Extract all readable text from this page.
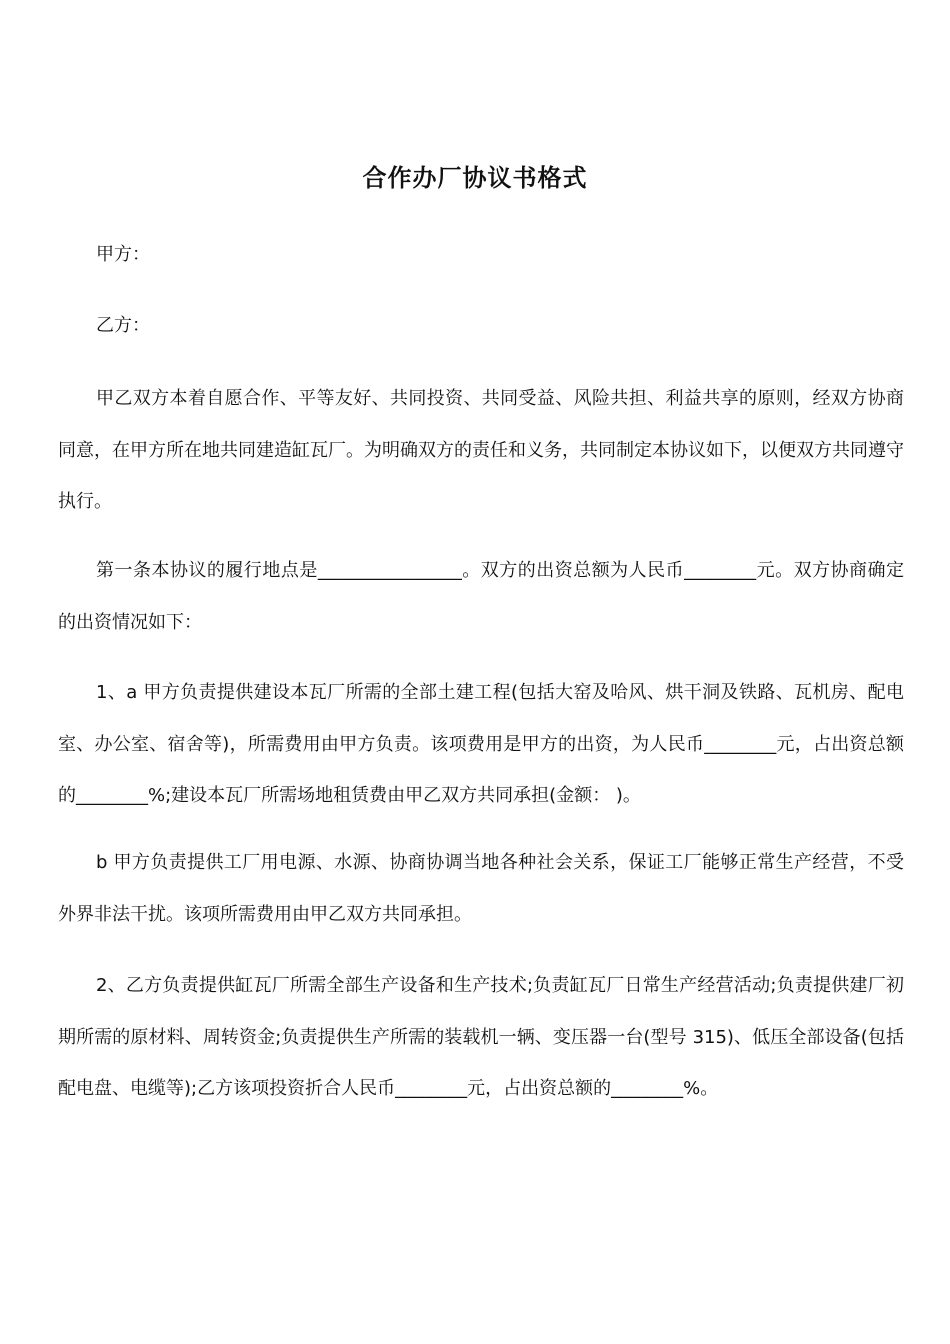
合作办厂协议书格式

甲方：

乙方：

甲乙双方本着自愿合作、平等友好、共同投资、共同受益、风险共担、利益共享的原则，经双方协商同意，在甲方所在地共同建造缸瓦厂。为明确双方的责任和义务，共同制定本协议如下，以便双方共同遵守执行。

第一条本协议的履行地点是________________。双方的出资总额为人民币________元。双方协商确定的出资情况如下：

1、a 甲方负责提供建设本瓦厂所需的全部土建工程(包括大窑及哈风、烘干洞及铁路、瓦机房、配电室、办公室、宿舍等)，所需费用由甲方负责。该项费用是甲方的出资，为人民币________元，占出资总额的________%;建设本瓦厂所需场地租赁费由甲乙双方共同承担(金额： )。

b 甲方负责提供工厂用电源、水源、协商协调当地各种社会关系，保证工厂能够正常生产经营，不受外界非法干扰。该项所需费用由甲乙双方共同承担。

2、乙方负责提供缸瓦厂所需全部生产设备和生产技术;负责缸瓦厂日常生产经营活动;负责提供建厂初期所需的原材料、周转资金;负责提供生产所需的装载机一辆、变压器一台(型号 315)、低压全部设备(包括配电盘、电缆等);乙方该项投资折合人民币________元，占出资总额的________%。
